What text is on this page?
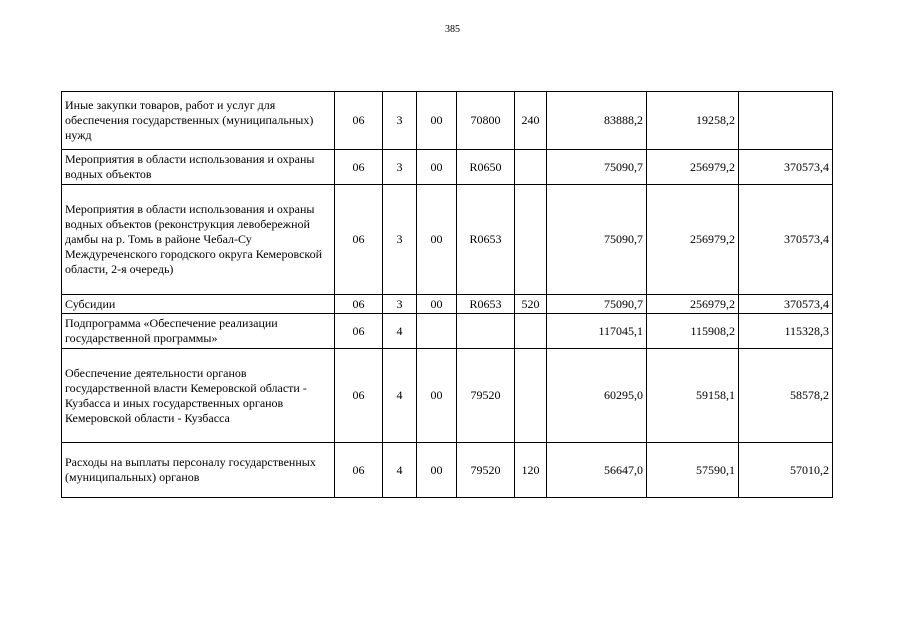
385
Иные закупки товаров, работ и услуг для обеспечения государственных (муниципальных) нужд	06	3	00	70800	240	83888,2	19258,2	
Мероприятия в области использования и охраны водных объектов	06	3	00	R0650		75090,7	256979,2	370573,4
Мероприятия в области использования и охраны водных объектов (реконструкция левобережной дамбы на р. Томь в районе Чебал-Су Междуреченского городского округа Кемеровской области, 2-я очередь)	06	3	00	R0653		75090,7	256979,2	370573,4
Субсидии	06	3	00	R0653	520	75090,7	256979,2	370573,4
Подпрограмма «Обеспечение реализации государственной программы»	06	4				117045,1	115908,2	115328,3
Обеспечение деятельности органов государственной власти Кемеровской области - Кузбасса и иных государственных органов Кемеровской области - Кузбасса	06	4	00	79520		60295,0	59158,1	58578,2
Расходы на выплаты персоналу государственных (муниципальных) органов	06	4	00	79520	120	56647,0	57590,1	57010,2
